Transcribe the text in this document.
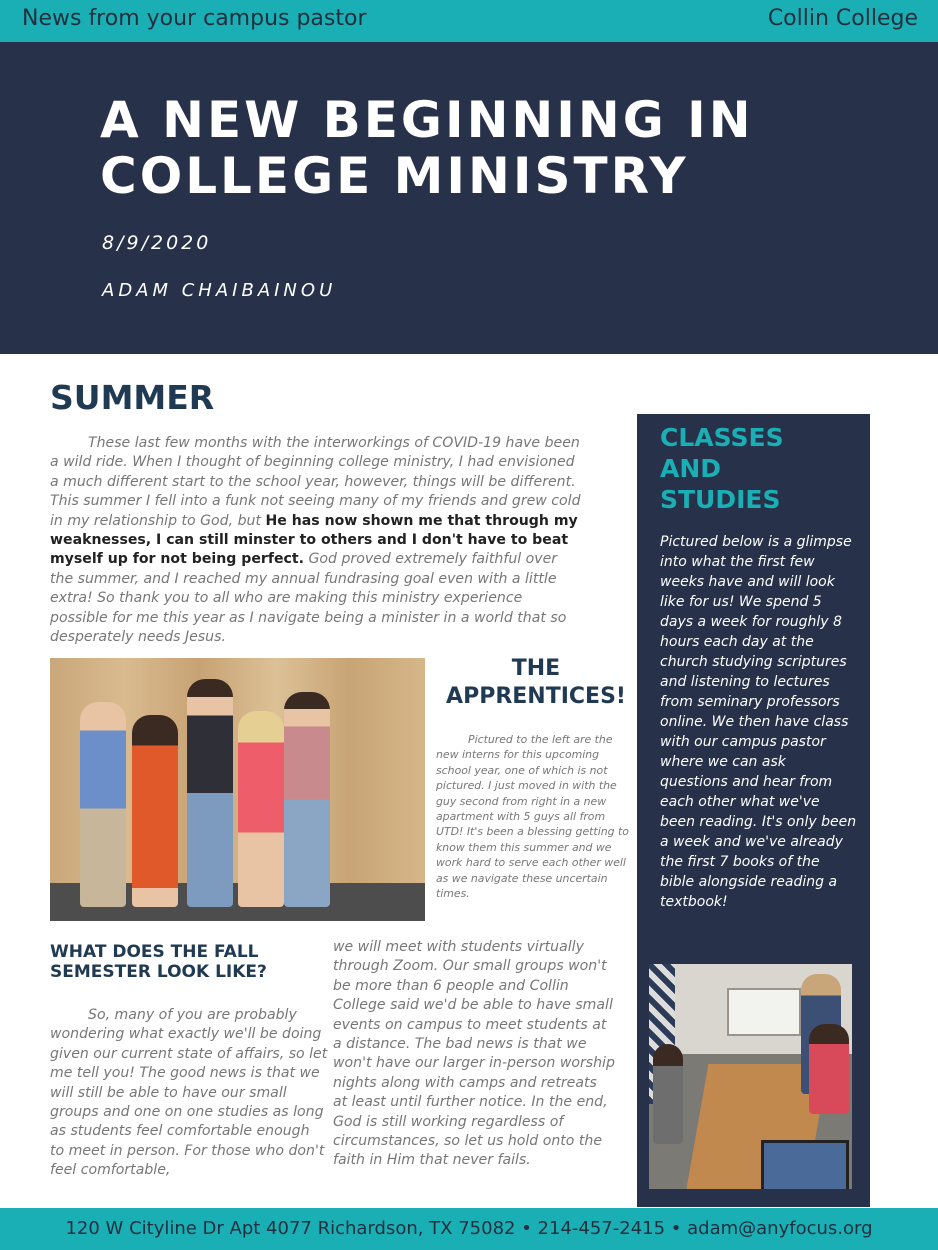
News from your campus pastor	Collin College
A NEW BEGINNING IN COLLEGE MINISTRY
8/9/2020
ADAM CHAIBAINOU
SUMMER

These last few months with the interworkings of COVID-19 have been a wild ride. When I thought of beginning college ministry, I had envisioned a much different start to the school year, however, things will be different. This summer I fell into a funk not seeing many of my friends and grew cold in my relationship to God, but He has now shown me that through my weaknesses, I can still minster to others and I don't have to beat myself up for not being perfect. God proved extremely faithful over the summer, and I reached my annual fundrasing goal even with a little extra! So thank you to all who are making this ministry experience possible for me this year as I navigate being a minister in a world that so desperately needs Jesus.

THE APPRENTICES!

Pictured to the left are the new interns for this upcoming school year, one of which is not pictured. I just moved in with the guy second from right in a new apartment with 5 guys all from UTD! It's been a blessing getting to know them this summer and we work hard to serve each other well as we navigate these uncertain times.

WHAT DOES THE FALL SEMESTER LOOK LIKE?

So, many of you are probably wondering what exactly we'll be doing given our current state of affairs, so let me tell you! The good news is that we will still be able to have our small groups and one on one studies as long as students feel comfortable enough to meet in person. For those who don't feel comfortable,

we will meet with students virtually through Zoom. Our small groups won't be more than 6 people and Collin College said we'd be able to have small events on campus to meet students at a distance. The bad news is that we won't have our larger in-person worship nights along with camps and retreats at least until further notice. In the end, God is still working regardless of circumstances, so let us hold onto the faith in Him that never fails.

CLASSES AND STUDIES

Pictured below is a glimpse into what the first few weeks have and will look like for us! We spend 5 days a week for roughly 8 hours each day at the church studying scriptures and listening to lectures from seminary professors online. We then have class with our campus pastor where we can ask questions and hear from each other what we've been reading. It's only been a week and we've already the first 7 books of the bible alongside reading a textbook!

120 W Cityline Dr Apt 4077 Richardson, TX 75082 • 214-457-2415 • adam@anyfocus.org
